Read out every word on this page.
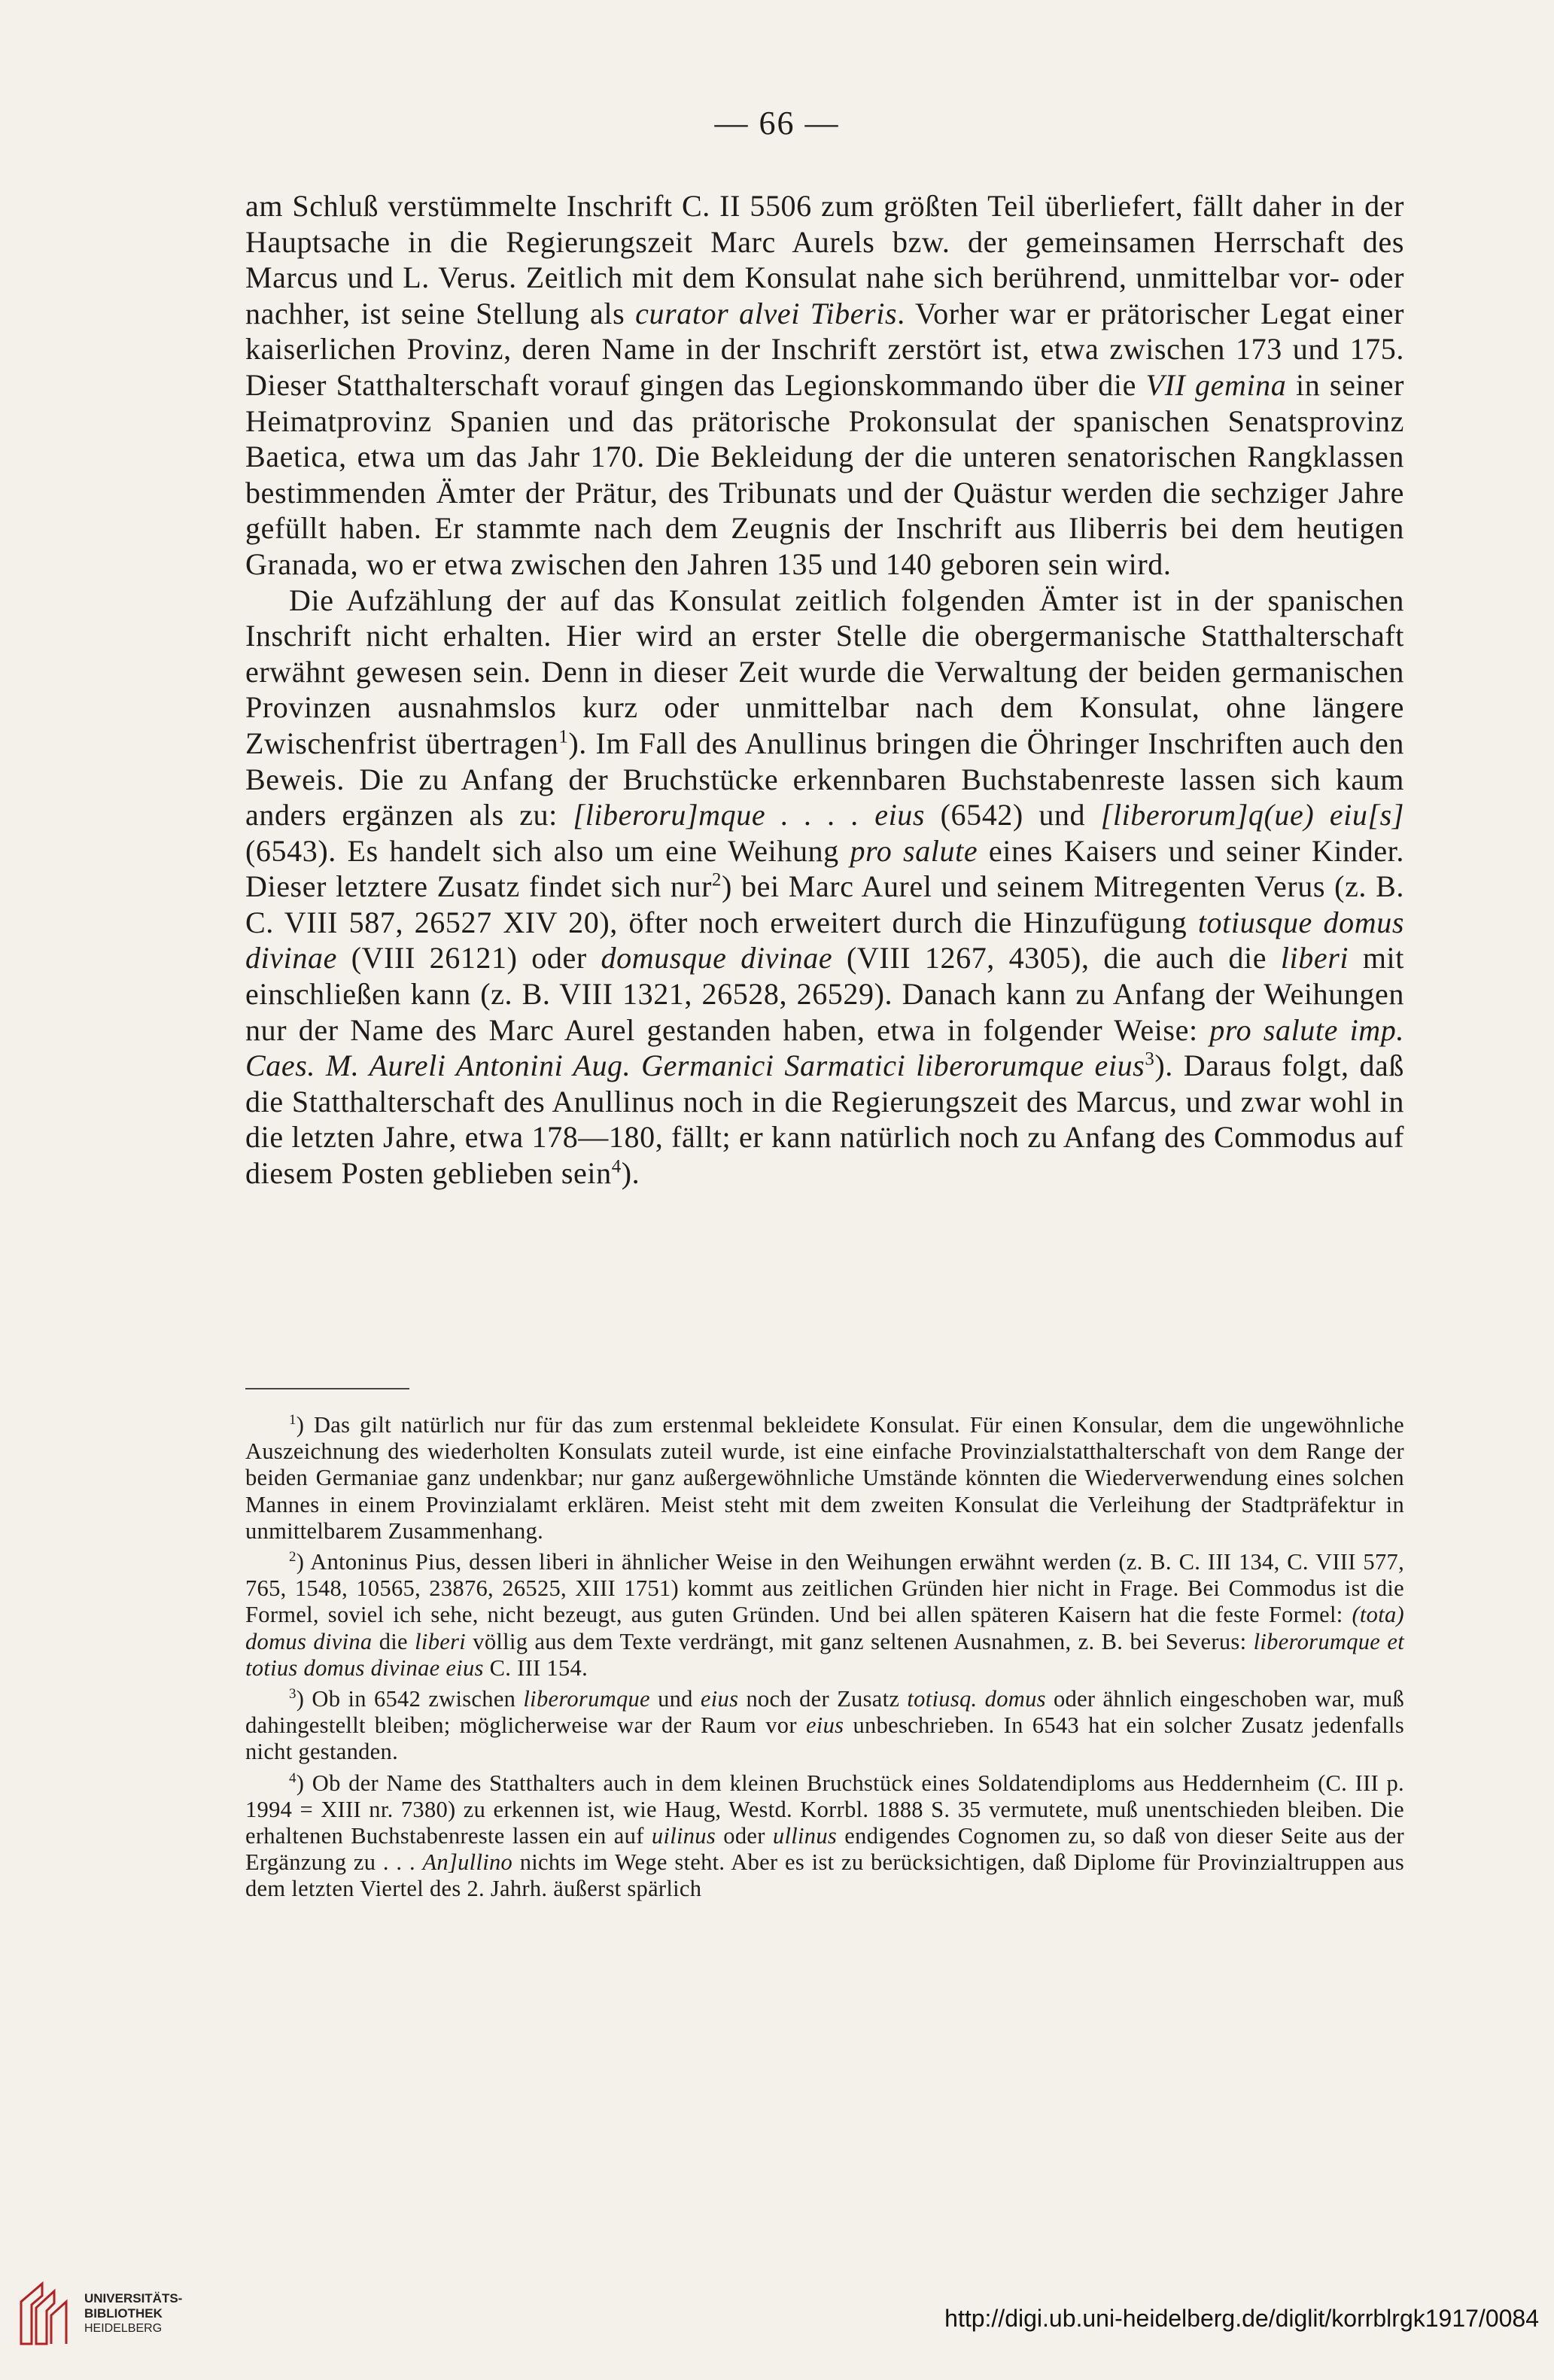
— 66 —

am Schluß verstümmelte Inschrift C. II 5506 zum größten Teil überliefert, fällt daher in der Hauptsache in die Regierungszeit Marc Aurels bzw. der gemeinsamen Herrschaft des Marcus und L. Verus. Zeitlich mit dem Konsulat nahe sich berührend, unmittelbar vor- oder nachher, ist seine Stellung als curator alvei Tiberis. Vorher war er prätorischer Legat einer kaiserlichen Provinz, deren Name in der Inschrift zerstört ist, etwa zwischen 173 und 175. Dieser Statthalterschaft vorauf gingen das Legionskommando über die VII gemina in seiner Heimatprovinz Spanien und das prätorische Prokonsulat der spanischen Senatsprovinz Baetica, etwa um das Jahr 170. Die Bekleidung der die unteren senatorischen Rangklassen bestimmenden Ämter der Prätur, des Tribunats und der Quästur werden die sechziger Jahre gefüllt haben. Er stammte nach dem Zeugnis der Inschrift aus Iliberris bei dem heutigen Granada, wo er etwa zwischen den Jahren 135 und 140 geboren sein wird.

Die Aufzählung der auf das Konsulat zeitlich folgenden Ämter ist in der spanischen Inschrift nicht erhalten. Hier wird an erster Stelle die obergermanische Statthalterschaft erwähnt gewesen sein. Denn in dieser Zeit wurde die Verwaltung der beiden germanischen Provinzen ausnahmslos kurz oder unmittelbar nach dem Konsulat, ohne längere Zwischenfrist übertragen$^1$). Im Fall des Anullinus bringen die Öhringer Inschriften auch den Beweis. Die zu Anfang der Bruchstücke erkennbaren Buchstabenreste lassen sich kaum anders ergänzen als zu: [liberoru]mque . . . . eius (6542) und [liberorum]q(ue) eiu[s] (6543). Es handelt sich also um eine Weihung pro salute eines Kaisers und seiner Kinder. Dieser letztere Zusatz findet sich nur$^2$) bei Marc Aurel und seinem Mitregenten Verus (z. B. C. VIII 587, 26527 XIV 20), öfter noch erweitert durch die Hinzufügung totiusque domus divinae (VIII 26121) oder domusque divinae (VIII 1267, 4305), die auch die liberi mit einschließen kann (z. B. VIII 1321, 26528, 26529). Danach kann zu Anfang der Weihungen nur der Name des Marc Aurel gestanden haben, etwa in folgender Weise: pro salute imp. Caes. M. Aureli Antonini Aug. Germanici Sarmatici liberorumque eius$^3$). Daraus folgt, daß die Statthalterschaft des Anullinus noch in die Regierungszeit des Marcus, und zwar wohl in die letzten Jahre, etwa 178—180, fällt; er kann natürlich noch zu Anfang des Commodus auf diesem Posten geblieben sein$^4$).

$^1$) Das gilt natürlich nur für das zum erstenmal bekleidete Konsulat. Für einen Konsular, dem die ungewöhnliche Auszeichnung des wiederholten Konsulats zuteil wurde, ist eine einfache Provinzialstatthalterschaft von dem Range der beiden Germaniae ganz undenkbar; nur ganz außergewöhnliche Umstände könnten die Wiederverwendung eines solchen Mannes in einem Provinzialamt erklären. Meist steht mit dem zweiten Konsulat die Verleihung der Stadtpräfektur in unmittelbarem Zusammenhang.

$^2$) Antoninus Pius, dessen liberi in ähnlicher Weise in den Weihungen erwähnt werden (z. B. C. III 134, C. VIII 577, 765, 1548, 10565, 23876, 26525, XIII 1751) kommt aus zeitlichen Gründen hier nicht in Frage. Bei Commodus ist die Formel, soviel ich sehe, nicht bezeugt, aus guten Gründen. Und bei allen späteren Kaisern hat die feste Formel: (tota) domus divina die liberi völlig aus dem Texte verdrängt, mit ganz seltenen Ausnahmen, z. B. bei Severus: liberorumque et totius domus divinae eius C. III 154.

$^3$) Ob in 6542 zwischen liberorumque und eius noch der Zusatz totiusq. domus oder ähnlich eingeschoben war, muß dahingestellt bleiben; möglicherweise war der Raum vor eius unbeschrieben. In 6543 hat ein solcher Zusatz jedenfalls nicht gestanden.

$^4$) Ob der Name des Statthalters auch in dem kleinen Bruchstück eines Soldatendiploms aus Heddernheim (C. III p. 1994 = XIII nr. 7380) zu erkennen ist, wie Haug, Westd. Korrbl. 1888 S. 35 vermutete, muß unentschieden bleiben. Die erhaltenen Buchstabenreste lassen ein auf uilinus oder ullinus endigendes Cognomen zu, so daß von dieser Seite aus der Ergänzung zu . . . An]ullino nichts im Wege steht. Aber es ist zu berücksichtigen, daß Diplome für Provinzialtruppen aus dem letzten Viertel des 2. Jahrh. äußerst spärlich

UNIVERSITÄTS-
BIBLIOTHEK
HEIDELBERG	http://digi.ub.uni-heidelberg.de/diglit/korrblrgk1917/0084
